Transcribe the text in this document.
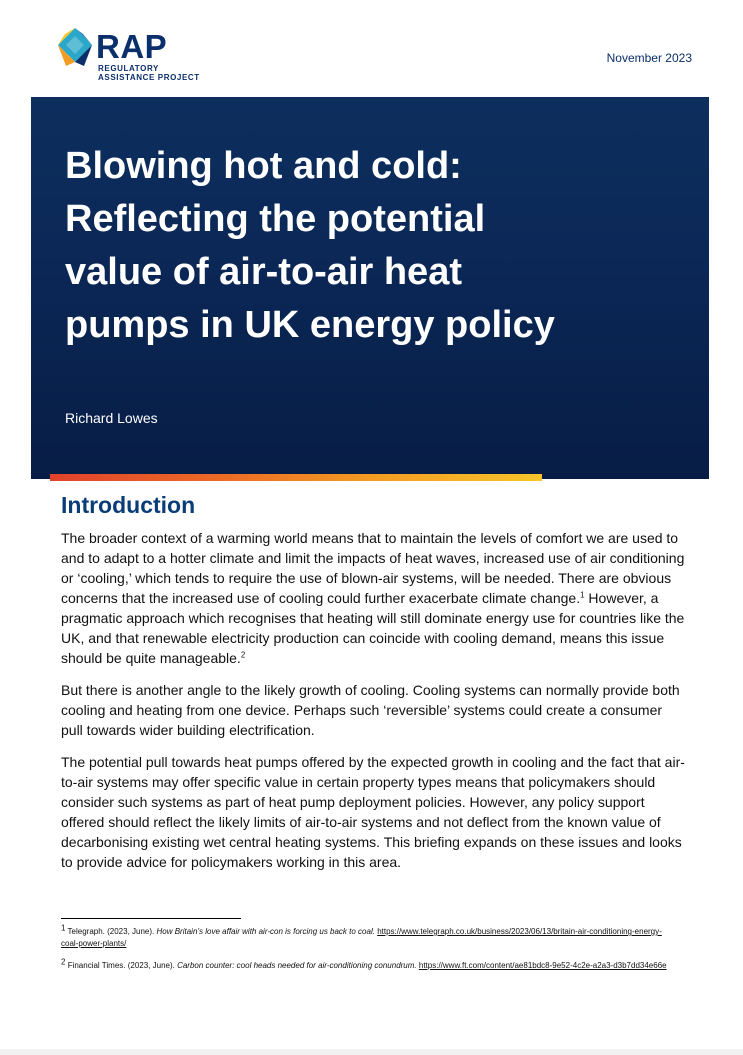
RAP
REGULATORY
ASSISTANCE PROJECT
November 2023
Blowing hot and cold:
Reflecting the potential
value of air-to-air heat
pumps in UK energy policy
Richard Lowes
Introduction

The broader context of a warming world means that to maintain the levels of comfort we are used to and to adapt to a hotter climate and limit the impacts of heat waves, increased use of air conditioning or ‘cooling,’ which tends to require the use of blown-air systems, will be needed. There are obvious concerns that the increased use of cooling could further exacerbate climate change.$^1$ However, a pragmatic approach which recognises that heating will still dominate energy use for countries like the UK, and that renewable electricity production can coincide with cooling demand, means this issue should be quite manageable.$^2$

But there is another angle to the likely growth of cooling. Cooling systems can normally provide both cooling and heating from one device. Perhaps such ‘reversible’ systems could create a consumer pull towards wider building electrification.

The potential pull towards heat pumps offered by the expected growth in cooling and the fact that air-to-air systems may offer specific value in certain property types means that policymakers should consider such systems as part of heat pump deployment policies. However, any policy support offered should reflect the likely limits of air-to-air systems and not deflect from the known value of decarbonising existing wet central heating systems. This briefing expands on these issues and looks to provide advice for policymakers working in this area.

$^1$ Telegraph. (2023, June). How Britain’s love affair with air-con is forcing us back to coal. https://www.telegraph.co.uk/business/2023/06/13/britain-air-conditioning-energy-coal-power-plants/
$^2$ Financial Times. (2023, June). Carbon counter: cool heads needed for air-conditioning conundrum. https://www.ft.com/content/ae81bdc8-9e52-4c2e-a2a3-d3b7dd34e66e
